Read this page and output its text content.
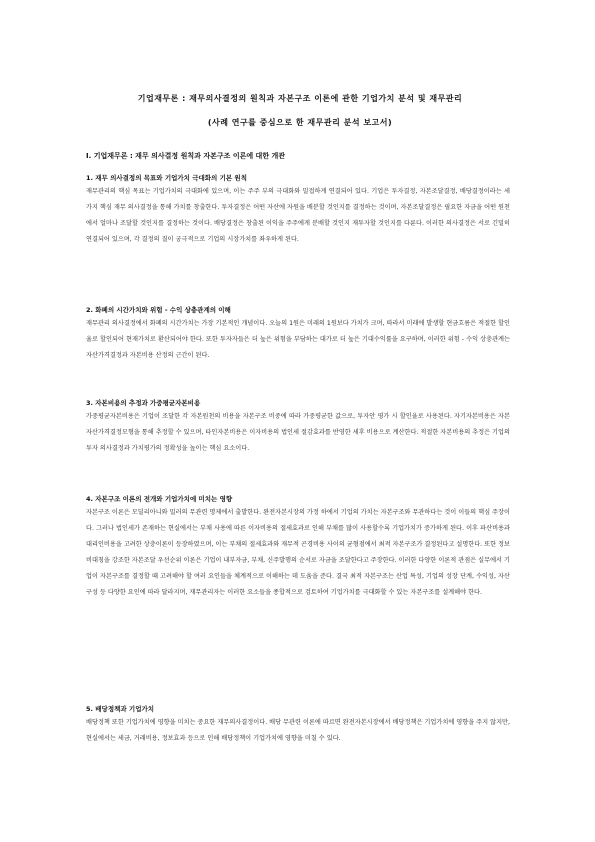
기업재무론 : 재무의사결정의 원칙과 자본구조 이론에 관한 기업가치 분석 및 재무관리
(사례 연구를 중심으로 한 재무관리 분석 보고서)
Ⅰ. 기업재무론 : 재무 의사결정 원칙과 자본구조 이론에 대한 개관
1. 재무 의사결정의 목표와 기업가치 극대화의 기본 원칙
재무관리의 핵심 목표는 기업가치의 극대화에 있으며, 이는 주주 부의 극대화와 밀접하게 연결되어 있다. 기업은 투자결정, 자본조달결정, 배당결정이라는 세 가지 핵심 재무 의사결정을 통해 가치를 창출한다. 투자결정은 어떤 자산에 자원을 배분할 것인지를 결정하는 것이며, 자본조달결정은 필요한 자금을 어떤 원천에서 얼마나 조달할 것인지를 결정하는 것이다. 배당결정은 창출된 이익을 주주에게 분배할 것인지 재투자할 것인지를 다룬다. 이러한 의사결정은 서로 긴밀히 연결되어 있으며, 각 결정의 질이 궁극적으로 기업의 시장가치를 좌우하게 된다.
2. 화폐의 시간가치와 위험 - 수익 상충관계의 이해
재무관리 의사결정에서 화폐의 시간가치는 가장 기본적인 개념이다. 오늘의 1원은 미래의 1원보다 가치가 크며, 따라서 미래에 발생할 현금흐름은 적절한 할인율로 할인되어 현재가치로 환산되어야 한다. 또한 투자자들은 더 높은 위험을 부담하는 대가로 더 높은 기대수익률을 요구하며, 이러한 위험 - 수익 상충관계는 자산가격결정과 자본비용 산정의 근간이 된다.
3. 자본비용의 추정과 가중평균자본비용
가중평균자본비용은 기업이 조달한 각 자본원천의 비용을 자본구조 비중에 따라 가중평균한 값으로, 투자안 평가 시 할인율로 사용된다. 자기자본비용은 자본자산가격결정모형을 통해 추정할 수 있으며, 타인자본비용은 이자비용의 법인세 절감효과를 반영한 세후 비용으로 계산한다. 적절한 자본비용의 추정은 기업의 투자 의사결정과 가치평가의 정확성을 높이는 핵심 요소이다.
4. 자본구조 이론의 전개와 기업가치에 미치는 영향
자본구조 이론은 모딜리아니와 밀러의 무관련 명제에서 출발한다. 완전자본시장의 가정 하에서 기업의 가치는 자본구조와 무관하다는 것이 이들의 핵심 주장이다. 그러나 법인세가 존재하는 현실에서는 부채 사용에 따른 이자비용의 절세효과로 인해 부채를 많이 사용할수록 기업가치가 증가하게 된다. 이후 파산비용과 대리인비용을 고려한 상충이론이 등장하였으며, 이는 부채의 절세효과와 재무적 곤경비용 사이의 균형점에서 최적 자본구조가 결정된다고 설명한다. 또한 정보비대칭을 강조한 자본조달 우선순위 이론은 기업이 내부자금, 부채, 신주발행의 순서로 자금을 조달한다고 주장한다. 이러한 다양한 이론적 관점은 실무에서 기업이 자본구조를 결정할 때 고려해야 할 여러 요인들을 체계적으로 이해하는 데 도움을 준다. 결국 최적 자본구조는 산업 특성, 기업의 성장 단계, 수익성, 자산 구성 등 다양한 요인에 따라 달라지며, 재무관리자는 이러한 요소들을 종합적으로 검토하여 기업가치를 극대화할 수 있는 자본구조를 설계해야 한다.
5. 배당정책과 기업가치
배당정책 또한 기업가치에 영향을 미치는 중요한 재무의사결정이다. 배당 무관련 이론에 따르면 완전자본시장에서 배당정책은 기업가치에 영향을 주지 않지만, 현실에서는 세금, 거래비용, 정보효과 등으로 인해 배당정책이 기업가치에 영향을 미칠 수 있다.
